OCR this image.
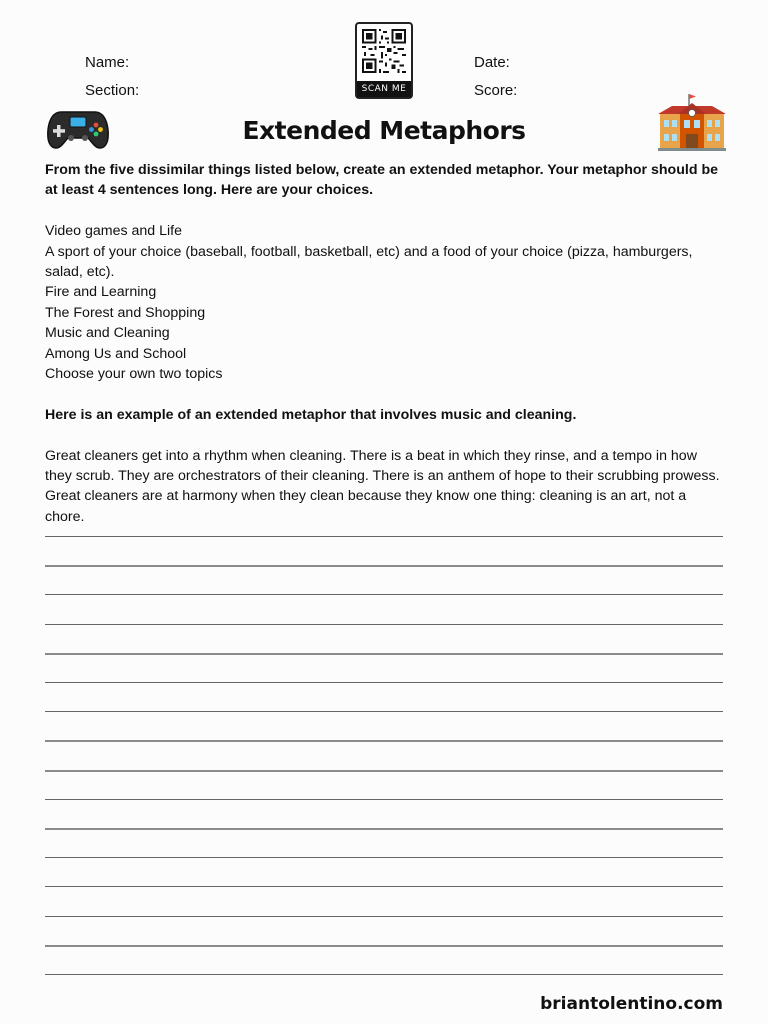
Name:
Section:
Date:
Score:
SCAN ME
Extended Metaphors

From the five dissimilar things listed below, create an extended metaphor. Your metaphor should be at least 4 sentences long. Here are your choices.

Video games and Life

A sport of your choice (baseball, football, basketball, etc) and a food of your choice (pizza, hamburgers, salad, etc).

Fire and Learning

The Forest and Shopping

Music and Cleaning

Among Us and School

Choose your own two topics

Here is an example of an extended metaphor that involves music and cleaning.

Great cleaners get into a rhythm when cleaning. There is a beat in which they rinse, and a tempo in how they scrub. They are orchestrators of their cleaning. There is an anthem of hope to their scrubbing prowess. Great cleaners are at harmony when they clean because they know one thing: cleaning is an art, not a chore.

briantolentino.com
